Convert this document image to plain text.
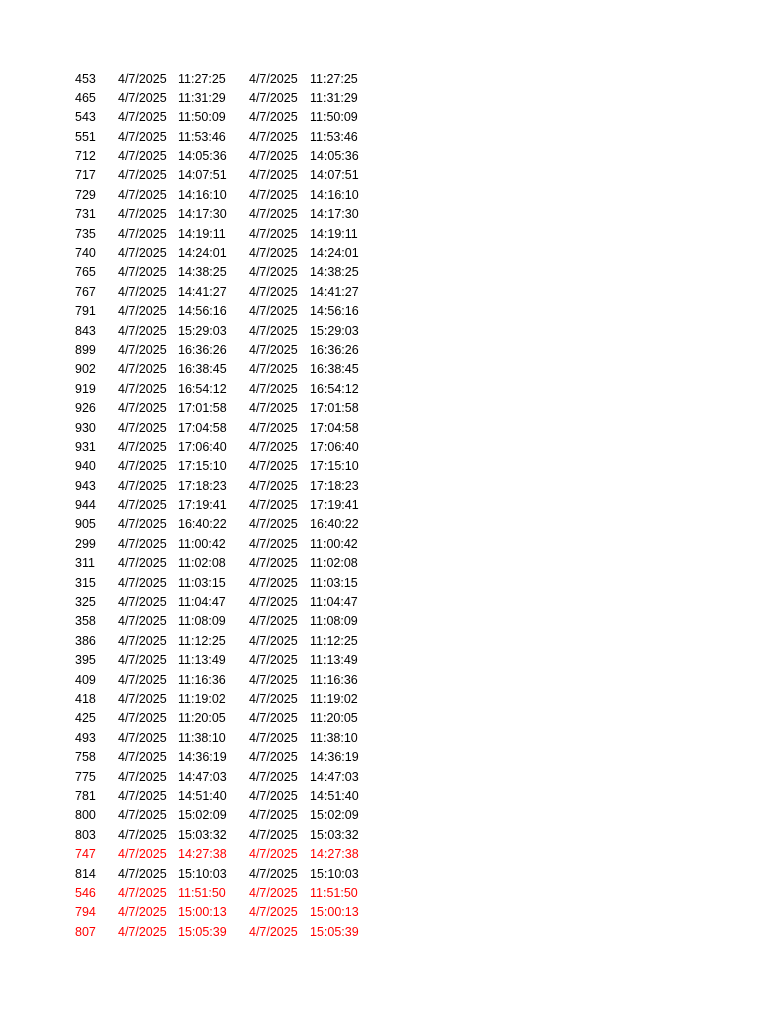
453 4/7/2025 11:27:25 4/7/2025 11:27:25
465 4/7/2025 11:31:29 4/7/2025 11:31:29
543 4/7/2025 11:50:09 4/7/2025 11:50:09
551 4/7/2025 11:53:46 4/7/2025 11:53:46
712 4/7/2025 14:05:36 4/7/2025 14:05:36
717 4/7/2025 14:07:51 4/7/2025 14:07:51
729 4/7/2025 14:16:10 4/7/2025 14:16:10
731 4/7/2025 14:17:30 4/7/2025 14:17:30
735 4/7/2025 14:19:11 4/7/2025 14:19:11
740 4/7/2025 14:24:01 4/7/2025 14:24:01
765 4/7/2025 14:38:25 4/7/2025 14:38:25
767 4/7/2025 14:41:27 4/7/2025 14:41:27
791 4/7/2025 14:56:16 4/7/2025 14:56:16
843 4/7/2025 15:29:03 4/7/2025 15:29:03
899 4/7/2025 16:36:26 4/7/2025 16:36:26
902 4/7/2025 16:38:45 4/7/2025 16:38:45
919 4/7/2025 16:54:12 4/7/2025 16:54:12
926 4/7/2025 17:01:58 4/7/2025 17:01:58
930 4/7/2025 17:04:58 4/7/2025 17:04:58
931 4/7/2025 17:06:40 4/7/2025 17:06:40
940 4/7/2025 17:15:10 4/7/2025 17:15:10
943 4/7/2025 17:18:23 4/7/2025 17:18:23
944 4/7/2025 17:19:41 4/7/2025 17:19:41
905 4/7/2025 16:40:22 4/7/2025 16:40:22
299 4/7/2025 11:00:42 4/7/2025 11:00:42
311 4/7/2025 11:02:08 4/7/2025 11:02:08
315 4/7/2025 11:03:15 4/7/2025 11:03:15
325 4/7/2025 11:04:47 4/7/2025 11:04:47
358 4/7/2025 11:08:09 4/7/2025 11:08:09
386 4/7/2025 11:12:25 4/7/2025 11:12:25
395 4/7/2025 11:13:49 4/7/2025 11:13:49
409 4/7/2025 11:16:36 4/7/2025 11:16:36
418 4/7/2025 11:19:02 4/7/2025 11:19:02
425 4/7/2025 11:20:05 4/7/2025 11:20:05
493 4/7/2025 11:38:10 4/7/2025 11:38:10
758 4/7/2025 14:36:19 4/7/2025 14:36:19
775 4/7/2025 14:47:03 4/7/2025 14:47:03
781 4/7/2025 14:51:40 4/7/2025 14:51:40
800 4/7/2025 15:02:09 4/7/2025 15:02:09
803 4/7/2025 15:03:32 4/7/2025 15:03:32
747 4/7/2025 14:27:38 4/7/2025 14:27:38
814 4/7/2025 15:10:03 4/7/2025 15:10:03
546 4/7/2025 11:51:50 4/7/2025 11:51:50
794 4/7/2025 15:00:13 4/7/2025 15:00:13
807 4/7/2025 15:05:39 4/7/2025 15:05:39
